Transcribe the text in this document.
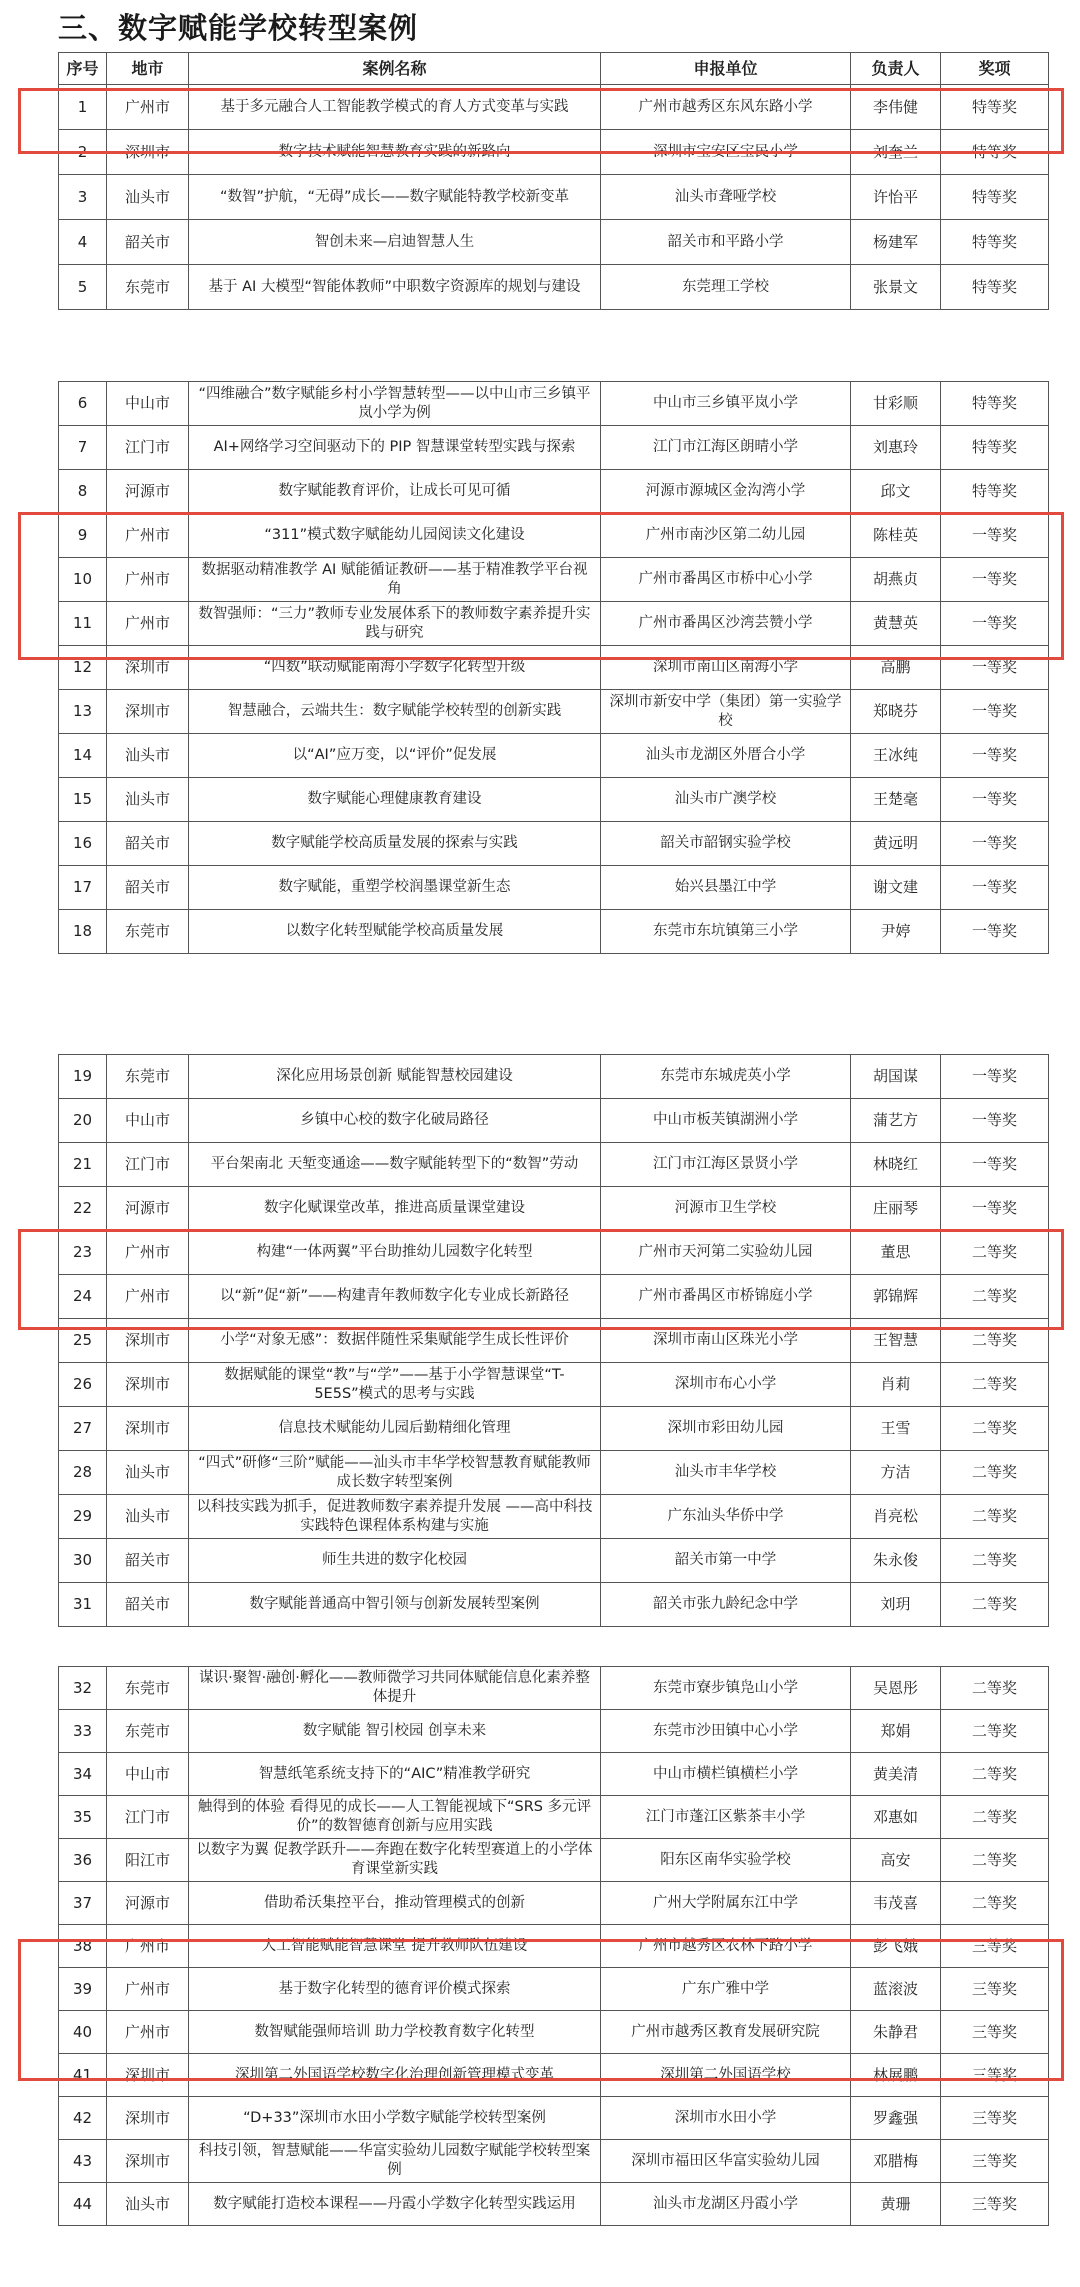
三、数字赋能学校转型案例
序号	地市	案例名称	申报单位	负责人	奖项
1	广州市	基于多元融合人工智能教学模式的育人方式变革与实践	广州市越秀区东风东路小学	李伟健	特等奖
2	深圳市	数字技术赋能智慧教育实践的新路向	深圳市宝安区宝民小学	刘奎兰	特等奖
3	汕头市	“数智”护航，“无碍”成长——数字赋能特教学校新变革	汕头市聋哑学校	许怡平	特等奖
4	韶关市	智创未来—启迪智慧人生	韶关市和平路小学	杨建军	特等奖
5	东莞市	基于 AI 大模型“智能体教师”中职数字资源库的规划与建设	东莞理工学校	张景文	特等奖
6	中山市	“四维融合”数字赋能乡村小学智慧转型——以中山市三乡镇平岚小学为例	中山市三乡镇平岚小学	甘彩顺	特等奖
7	江门市	AI+网络学习空间驱动下的 PIP 智慧课堂转型实践与探索	江门市江海区朗晴小学	刘惠玲	特等奖
8	河源市	数字赋能教育评价，让成长可见可循	河源市源城区金沟湾小学	邱文	特等奖
9	广州市	“311”模式数字赋能幼儿园阅读文化建设	广州市南沙区第二幼儿园	陈桂英	一等奖
10	广州市	数据驱动精准教学 AI 赋能循证教研——基于精准教学平台视角	广州市番禺区市桥中心小学	胡燕贞	一等奖
11	广州市	数智强师：“三力”教师专业发展体系下的教师数字素养提升实践与研究	广州市番禺区沙湾芸赞小学	黄慧英	一等奖
12	深圳市	“四数”联动赋能南海小学数字化转型升级	深圳市南山区南海小学	高鹏	一等奖
13	深圳市	智慧融合，云端共生：数字赋能学校转型的创新实践	深圳市新安中学（集团）第一实验学校	郑晓芬	一等奖
14	汕头市	以“AI”应万变，以“评价”促发展	汕头市龙湖区外厝合小学	王冰纯	一等奖
15	汕头市	数字赋能心理健康教育建设	汕头市广澳学校	王楚毫	一等奖
16	韶关市	数字赋能学校高质量发展的探索与实践	韶关市韶钢实验学校	黄远明	一等奖
17	韶关市	数字赋能，重塑学校润墨课堂新生态	始兴县墨江中学	谢文建	一等奖
18	东莞市	以数字化转型赋能学校高质量发展	东莞市东坑镇第三小学	尹婷	一等奖
19	东莞市	深化应用场景创新 赋能智慧校园建设	东莞市东城虎英小学	胡国谋	一等奖
20	中山市	乡镇中心校的数字化破局路径	中山市板芙镇湖洲小学	蒲艺方	一等奖
21	江门市	平台架南北 天堑变通途——数字赋能转型下的“数智”劳动	江门市江海区景贤小学	林晓红	一等奖
22	河源市	数字化赋课堂改革，推进高质量课堂建设	河源市卫生学校	庄丽琴	一等奖
23	广州市	构建“一体两翼”平台助推幼儿园数字化转型	广州市天河第二实验幼儿园	董思	二等奖
24	广州市	以“新”促“新”——构建青年教师数字化专业成长新路径	广州市番禺区市桥锦庭小学	郭锦辉	二等奖
25	深圳市	小学“对象无感”：数据伴随性采集赋能学生成长性评价	深圳市南山区珠光小学	王智慧	二等奖
26	深圳市	数据赋能的课堂“教”与“学”——基于小学智慧课堂“T-5E5S”模式的思考与实践	深圳市布心小学	肖莉	二等奖
27	深圳市	信息技术赋能幼儿园后勤精细化管理	深圳市彩田幼儿园	王雪	二等奖
28	汕头市	“四式”研修“三阶”赋能——汕头市丰华学校智慧教育赋能教师成长数字转型案例	汕头市丰华学校	方洁	二等奖
29	汕头市	以科技实践为抓手，促进教师数字素养提升发展 ——高中科技实践特色课程体系构建与实施	广东汕头华侨中学	肖亮松	二等奖
30	韶关市	师生共进的数字化校园	韶关市第一中学	朱永俊	二等奖
31	韶关市	数字赋能普通高中智引领与创新发展转型案例	韶关市张九龄纪念中学	刘玥	二等奖
32	东莞市	谋识·聚智·融创·孵化——教师微学习共同体赋能信息化素养整体提升	东莞市寮步镇凫山小学	吴恩彤	二等奖
33	东莞市	数字赋能 智引校园 创享未来	东莞市沙田镇中心小学	郑娟	二等奖
34	中山市	智慧纸笔系统支持下的“AIC”精准教学研究	中山市横栏镇横栏小学	黄美清	二等奖
35	江门市	触得到的体验 看得见的成长——人工智能视域下“SRS 多元评价”的数智德育创新与应用实践	江门市蓬江区紫茶丰小学	邓惠如	二等奖
36	阳江市	以数字为翼 促教学跃升——奔跑在数字化转型赛道上的小学体育课堂新实践	阳东区南华实验学校	高安	二等奖
37	河源市	借助希沃集控平台，推动管理模式的创新	广州大学附属东江中学	韦茂喜	二等奖
38	广州市	人工智能赋能智慧课堂 提升教师队伍建设	广州市越秀区农林下路小学	彭飞娥	三等奖
39	广州市	基于数字化转型的德育评价模式探索	广东广雅中学	蓝滚波	三等奖
40	广州市	数智赋能强师培训 助力学校教育数字化转型	广州市越秀区教育发展研究院	朱静君	三等奖
41	深圳市	深圳第二外国语学校数字化治理创新管理模式变革	深圳第二外国语学校	林展鹏	三等奖
42	深圳市	“D+33”深圳市水田小学数字赋能学校转型案例	深圳市水田小学	罗鑫强	三等奖
43	深圳市	科技引领，智慧赋能——华富实验幼儿园数字赋能学校转型案例	深圳市福田区华富实验幼儿园	邓腊梅	三等奖
44	汕头市	数字赋能打造校本课程——丹霞小学数字化转型实践运用	汕头市龙湖区丹霞小学	黄珊	三等奖
